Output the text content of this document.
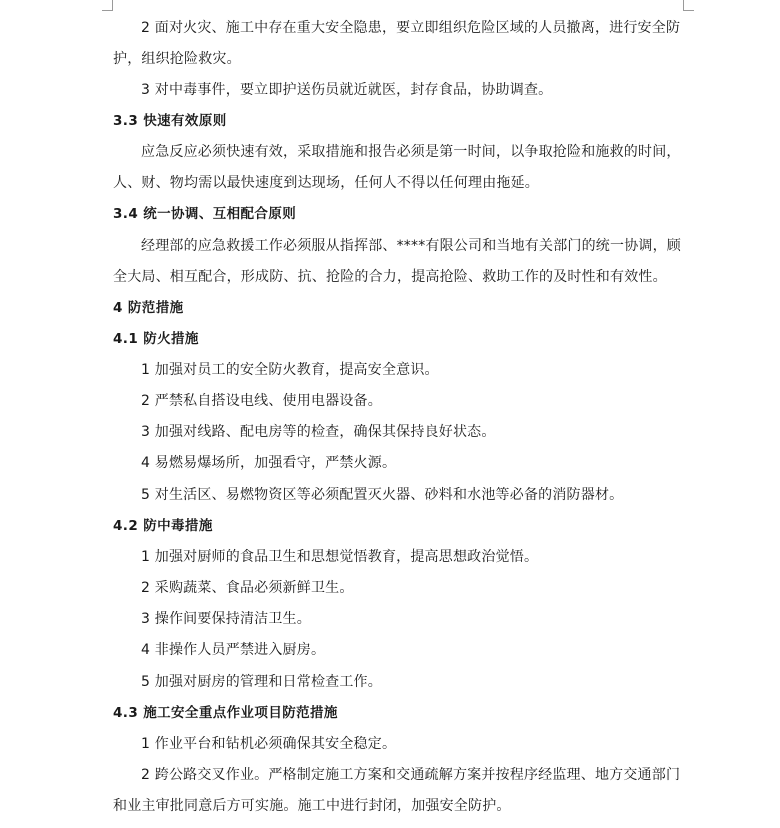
2 面对火灾、施工中存在重大安全隐患，要立即组织危险区域的人员撤离，进行安全防
护，组织抢险救灾。
3 对中毒事件，要立即护送伤员就近就医，封存食品，协助调查。
3.3 快速有效原则
应急反应必须快速有效，采取措施和报告必须是第一时间，以争取抢险和施救的时间，
人、财、物均需以最快速度到达现场，任何人不得以任何理由拖延。
3.4 统一协调、互相配合原则
经理部的应急救援工作必须服从指挥部、****有限公司和当地有关部门的统一协调，顾
全大局、相互配合，形成防、抗、抢险的合力，提高抢险、救助工作的及时性和有效性。
4 防范措施
4.1 防火措施
1 加强对员工的安全防火教育，提高安全意识。
2 严禁私自搭设电线、使用电器设备。
3 加强对线路、配电房等的检查，确保其保持良好状态。
4 易燃易爆场所，加强看守，严禁火源。
5 对生活区、易燃物资区等必须配置灭火器、砂料和水池等必备的消防器材。
4.2 防中毒措施
1 加强对厨师的食品卫生和思想觉悟教育，提高思想政治觉悟。
2 采购蔬菜、食品必须新鲜卫生。
3 操作间要保持清洁卫生。
4 非操作人员严禁进入厨房。
5 加强对厨房的管理和日常检查工作。
4.3 施工安全重点作业项目防范措施
1 作业平台和钻机必须确保其安全稳定。
2 跨公路交叉作业。严格制定施工方案和交通疏解方案并按程序经监理、地方交通部门
和业主审批同意后方可实施。施工中进行封闭，加强安全防护。
